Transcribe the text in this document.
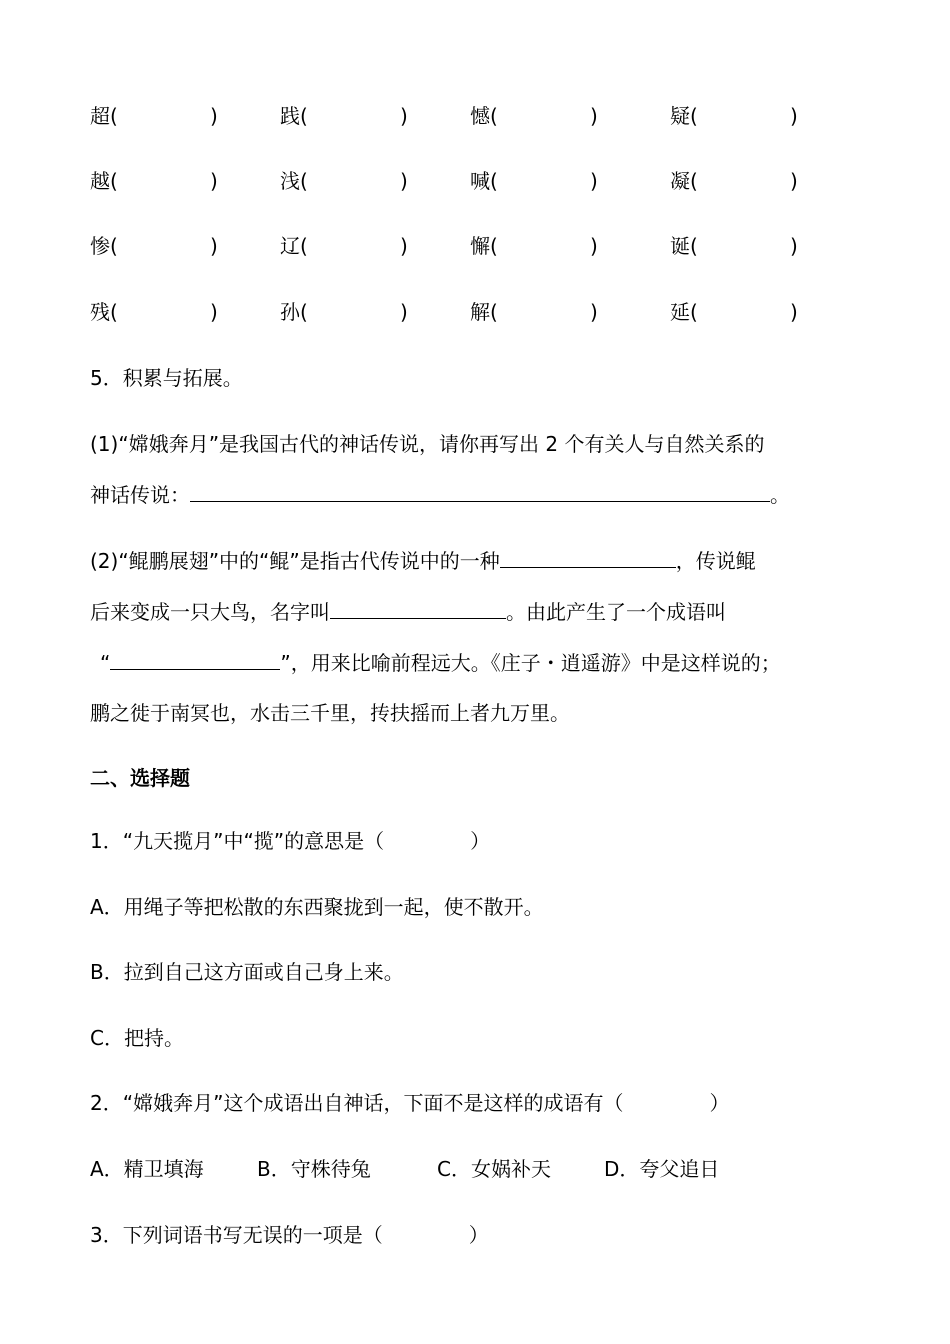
超(	)	践(	)	憾(	)	疑(	)
越(	)	浅(	)	喊(	)	凝(	)
惨(	)	辽(	)	懈(	)	诞(	)
残(	)	孙(	)	解(	)	延(	)
5．积累与拓展。
(1)“嫦娥奔月”是我国古代的神话传说，请你再写出 2 个有关人与自然关系的
神话传说：	。
(2)“鲲鹏展翅”中的“鲲”是指古代传说中的一种	，传说鲲
后来变成一只大鸟，名字叫	。由此产生了一个成语叫
“	”，用来比喻前程远大。《庄子・逍遥游》中是这样说的；
鹏之徙于南冥也，水击三千里，抟扶摇而上者九万里。
二、选择题
1．“九天揽月”中“揽”的意思是（	）
A．用绳子等把松散的东西聚拢到一起，使不散开。
B．拉到自己这方面或自己身上来。
C．把持。
2．“嫦娥奔月”这个成语出自神话，下面不是这样的成语有（	）
A．精卫填海	B．守株待兔	C．女娲补天	D．夸父追日
3．下列词语书写无误的一项是（	）
